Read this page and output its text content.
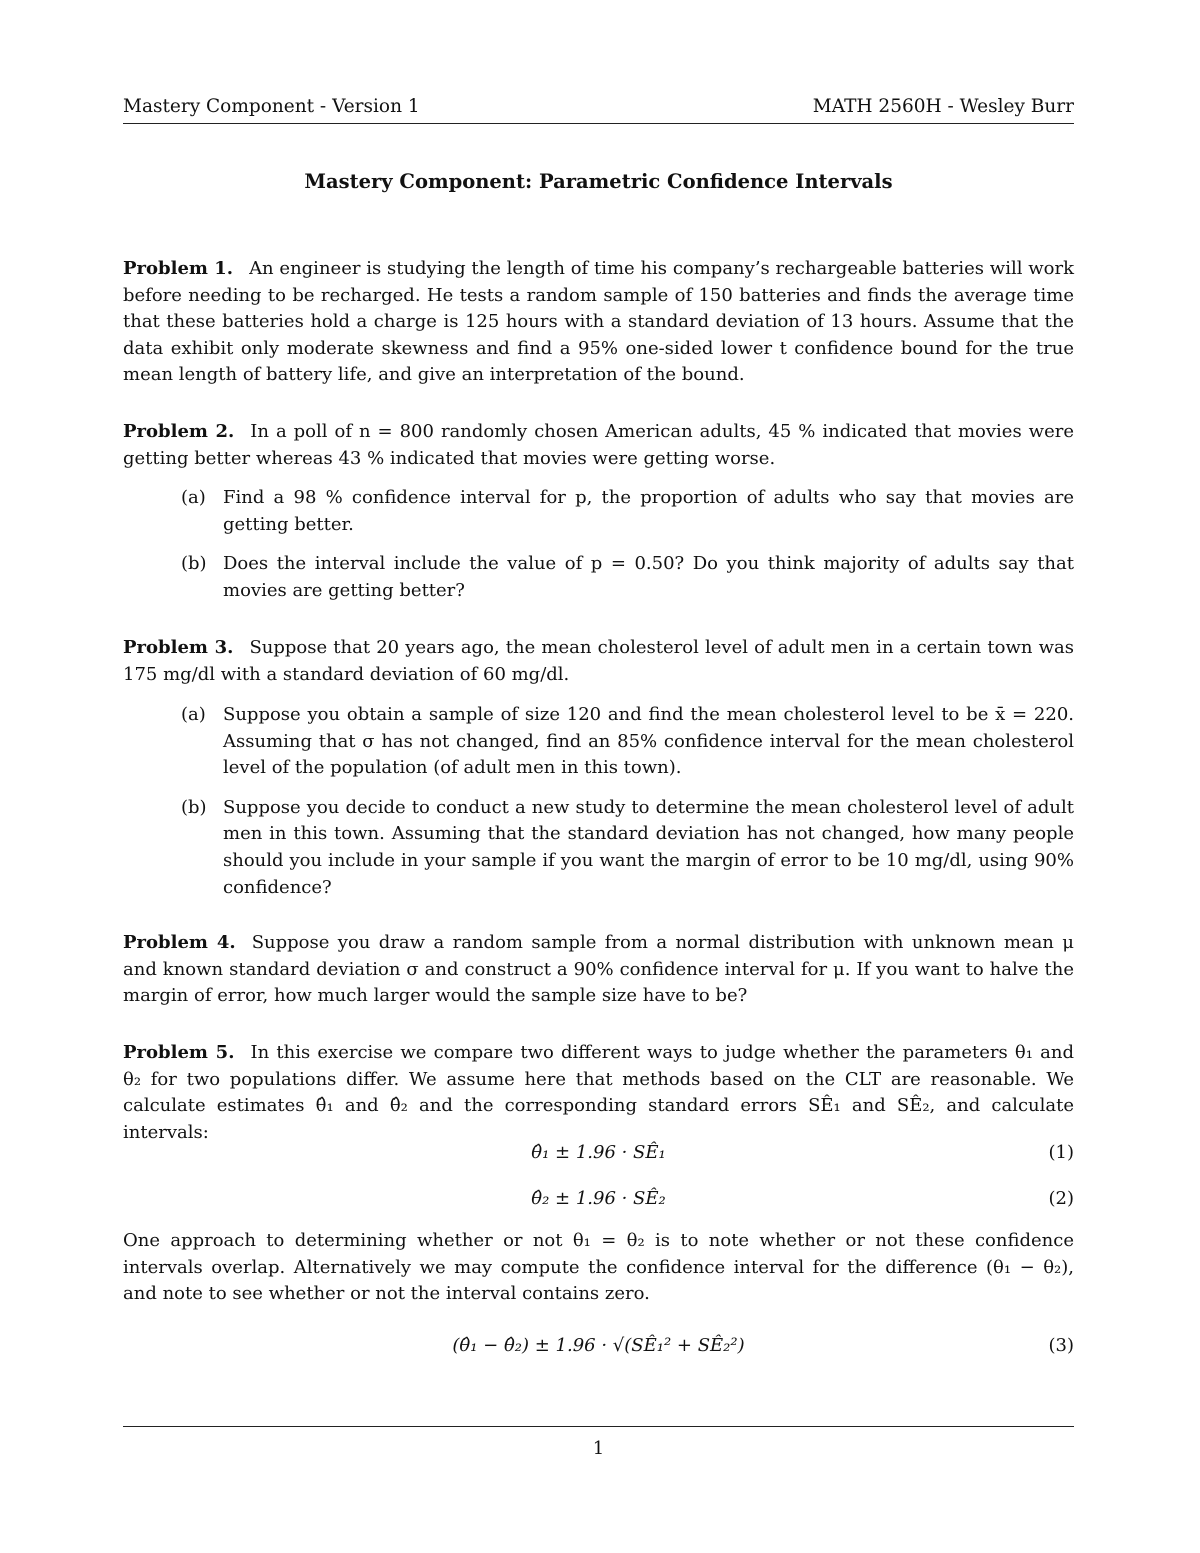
Mastery Component - Version 1	MATH 2560H - Wesley Burr
Mastery Component: Parametric Confidence Intervals
Problem 1. An engineer is studying the length of time his company’s rechargeable batteries will work before needing to be recharged. He tests a random sample of 150 batteries and finds the average time that these batteries hold a charge is 125 hours with a standard deviation of 13 hours. Assume that the data exhibit only moderate skewness and find a 95% one-sided lower t confidence bound for the true mean length of battery life, and give an interpretation of the bound.
Problem 2. In a poll of n = 800 randomly chosen American adults, 45 % indicated that movies were getting better whereas 43 % indicated that movies were getting worse.
(a) Find a 98 % confidence interval for p, the proportion of adults who say that movies are getting better.
(b) Does the interval include the value of p = 0.50? Do you think majority of adults say that movies are getting better?
Problem 3. Suppose that 20 years ago, the mean cholesterol level of adult men in a certain town was 175 mg/dl with a standard deviation of 60 mg/dl.
(a) Suppose you obtain a sample of size 120 and find the mean cholesterol level to be x̄ = 220. Assuming that σ has not changed, find an 85% confidence interval for the mean cholesterol level of the population (of adult men in this town).
(b) Suppose you decide to conduct a new study to determine the mean cholesterol level of adult men in this town. Assuming that the standard deviation has not changed, how many people should you include in your sample if you want the margin of error to be 10 mg/dl, using 90% confidence?
Problem 4. Suppose you draw a random sample from a normal distribution with unknown mean μ and known standard deviation σ and construct a 90% confidence interval for μ. If you want to halve the margin of error, how much larger would the sample size have to be?
Problem 5. In this exercise we compare two different ways to judge whether the parameters θ₁ and θ₂ for two populations differ. We assume here that methods based on the CLT are reasonable. We calculate estimates θ̂₁ and θ̂₂ and the corresponding standard errors SÊ₁ and SÊ₂, and calculate intervals:
θ̂₁ ± 1.96 · SÊ₁	(1)
θ̂₂ ± 1.96 · SÊ₂	(2)
One approach to determining whether or not θ₁ = θ₂ is to note whether or not these confidence intervals overlap. Alternatively we may compute the confidence interval for the difference (θ₁ − θ₂), and note to see whether or not the interval contains zero.
(θ̂₁ − θ̂₂) ± 1.96 · √(SÊ₁² + SÊ₂²)	(3)
1
